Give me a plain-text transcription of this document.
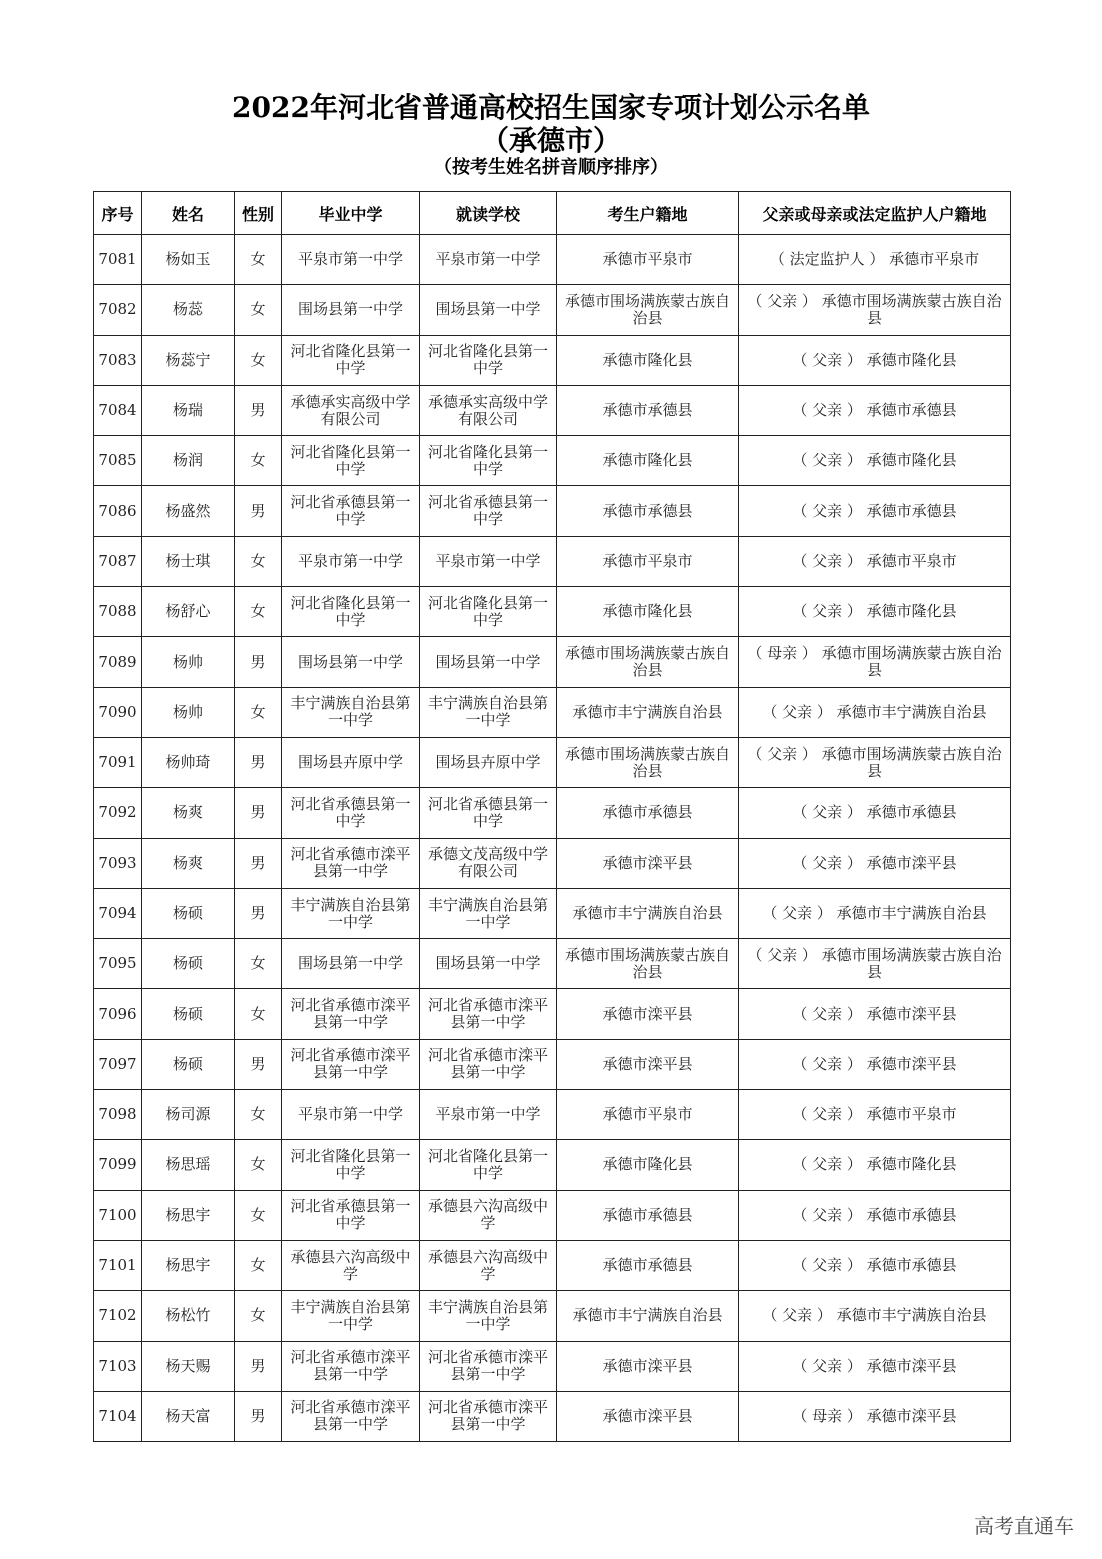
2022年河北省普通高校招生国家专项计划公示名单
（承德市）
（按考生姓名拼音顺序排序）
序号	姓名	性别	毕业中学	就读学校	考生户籍地	父亲或母亲或法定监护人户籍地
7081	杨如玉	女	平泉市第一中学	平泉市第一中学	承德市平泉市	（ 法定监护人 ） 承德市平泉市
7082	杨蕊	女	围场县第一中学	围场县第一中学	承德市围场满族蒙古族自治县	（ 父亲 ） 承德市围场满族蒙古族自治县
7083	杨蕊宁	女	河北省隆化县第一中学	河北省隆化县第一中学	承德市隆化县	（ 父亲 ） 承德市隆化县
7084	杨瑞	男	承德承实高级中学有限公司	承德承实高级中学有限公司	承德市承德县	（ 父亲 ） 承德市承德县
7085	杨润	女	河北省隆化县第一中学	河北省隆化县第一中学	承德市隆化县	（ 父亲 ） 承德市隆化县
7086	杨盛然	男	河北省承德县第一中学	河北省承德县第一中学	承德市承德县	（ 父亲 ） 承德市承德县
7087	杨士琪	女	平泉市第一中学	平泉市第一中学	承德市平泉市	（ 父亲 ） 承德市平泉市
7088	杨舒心	女	河北省隆化县第一中学	河北省隆化县第一中学	承德市隆化县	（ 父亲 ） 承德市隆化县
7089	杨帅	男	围场县第一中学	围场县第一中学	承德市围场满族蒙古族自治县	（ 母亲 ） 承德市围场满族蒙古族自治县
7090	杨帅	女	丰宁满族自治县第一中学	丰宁满族自治县第一中学	承德市丰宁满族自治县	（ 父亲 ） 承德市丰宁满族自治县
7091	杨帅琦	男	围场县卉原中学	围场县卉原中学	承德市围场满族蒙古族自治县	（ 父亲 ） 承德市围场满族蒙古族自治县
7092	杨爽	男	河北省承德县第一中学	河北省承德县第一中学	承德市承德县	（ 父亲 ） 承德市承德县
7093	杨爽	男	河北省承德市滦平县第一中学	承德文茂高级中学有限公司	承德市滦平县	（ 父亲 ） 承德市滦平县
7094	杨硕	男	丰宁满族自治县第一中学	丰宁满族自治县第一中学	承德市丰宁满族自治县	（ 父亲 ） 承德市丰宁满族自治县
7095	杨硕	女	围场县第一中学	围场县第一中学	承德市围场满族蒙古族自治县	（ 父亲 ） 承德市围场满族蒙古族自治县
7096	杨硕	女	河北省承德市滦平县第一中学	河北省承德市滦平县第一中学	承德市滦平县	（ 父亲 ） 承德市滦平县
7097	杨硕	男	河北省承德市滦平县第一中学	河北省承德市滦平县第一中学	承德市滦平县	（ 父亲 ） 承德市滦平县
7098	杨司源	女	平泉市第一中学	平泉市第一中学	承德市平泉市	（ 父亲 ） 承德市平泉市
7099	杨思瑶	女	河北省隆化县第一中学	河北省隆化县第一中学	承德市隆化县	（ 父亲 ） 承德市隆化县
7100	杨思宇	女	河北省承德县第一中学	承德县六沟高级中学	承德市承德县	（ 父亲 ） 承德市承德县
7101	杨思宇	女	承德县六沟高级中学	承德县六沟高级中学	承德市承德县	（ 父亲 ） 承德市承德县
7102	杨松竹	女	丰宁满族自治县第一中学	丰宁满族自治县第一中学	承德市丰宁满族自治县	（ 父亲 ） 承德市丰宁满族自治县
7103	杨天赐	男	河北省承德市滦平县第一中学	河北省承德市滦平县第一中学	承德市滦平县	（ 父亲 ） 承德市滦平县
7104	杨天富	男	河北省承德市滦平县第一中学	河北省承德市滦平县第一中学	承德市滦平县	（ 母亲 ） 承德市滦平县
高考直通车
